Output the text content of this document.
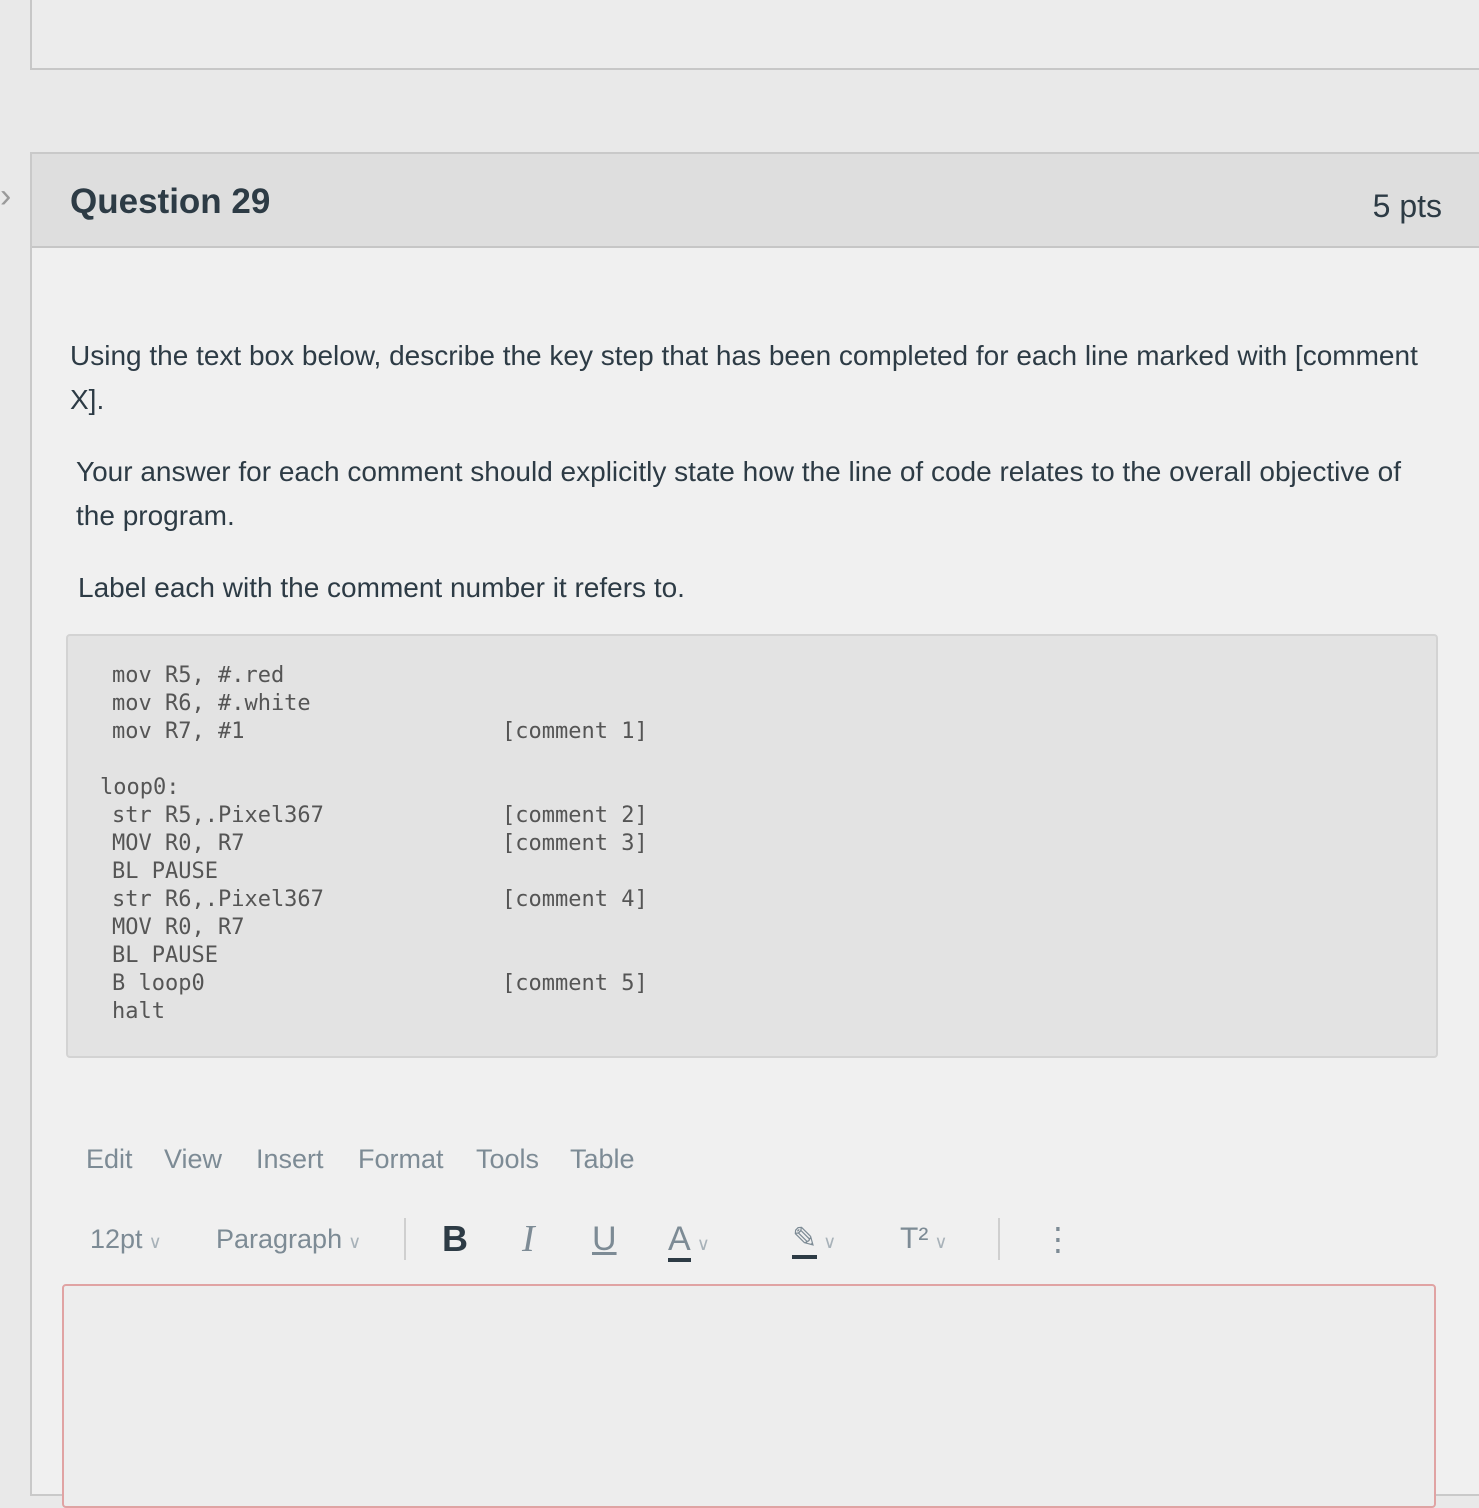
› Question 29	5 pts

Using the text box below, describe the key step that has been completed for each line marked with [comment X].

Your answer for each comment should explicitly state how the line of code relates to the overall objective of the program.

Label each with the comment number it refers to.

mov R5, #.red
mov R6, #.white
mov R7, #1	[comment 1]
loop0:
str R5,.Pixel367	[comment 2]
MOV R0, R7	[comment 3]
BL PAUSE
str R6,.Pixel367	[comment 4]
MOV R0, R7
BL PAUSE
B loop0	[comment 5]
halt
Edit View Insert Format Tools Table
12pt ∨ Paragraph ∨ B I U A ∨	✎ ∨ T² ∨	⋮
